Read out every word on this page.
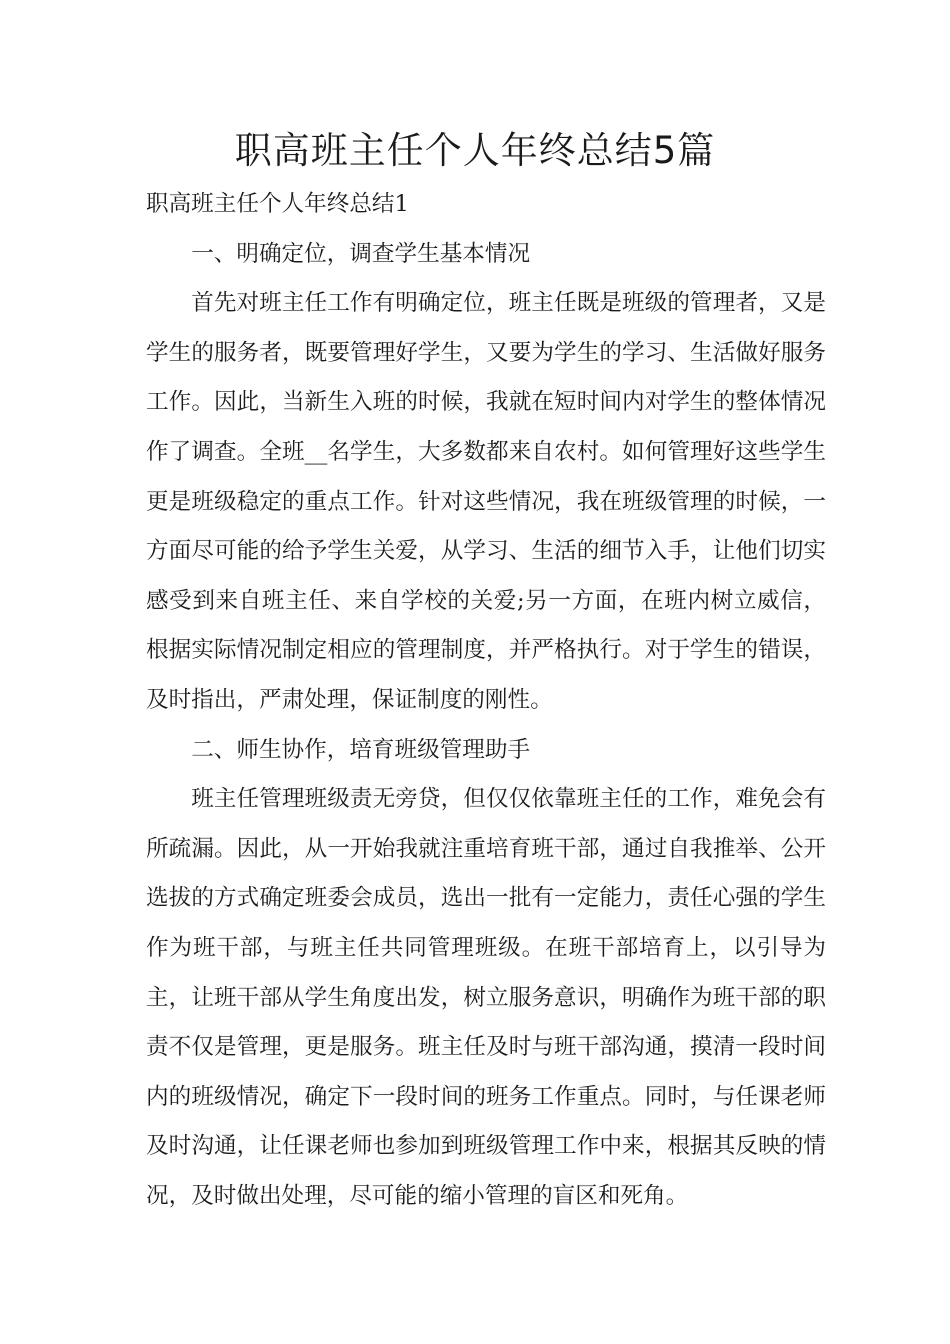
职高班主任个人年终总结5篇

职高班主任个人年终总结1

一、明确定位，调查学生基本情况

首先对班主任工作有明确定位，班主任既是班级的管理者，又是学生的服务者，既要管理好学生，又要为学生的学习、生活做好服务工作。因此，当新生入班的时候，我就在短时间内对学生的整体情况作了调查。全班__名学生，大多数都来自农村。如何管理好这些学生更是班级稳定的重点工作。针对这些情况，我在班级管理的时候，一方面尽可能的给予学生关爱，从学习、生活的细节入手，让他们切实感受到来自班主任、来自学校的关爱;另一方面，在班内树立威信，根据实际情况制定相应的管理制度，并严格执行。对于学生的错误，及时指出，严肃处理，保证制度的刚性。

二、师生协作，培育班级管理助手

班主任管理班级责无旁贷，但仅仅依靠班主任的工作，难免会有所疏漏。因此，从一开始我就注重培育班干部，通过自我推举、公开选拔的方式确定班委会成员，选出一批有一定能力，责任心强的学生作为班干部，与班主任共同管理班级。在班干部培育上，以引导为主，让班干部从学生角度出发，树立服务意识，明确作为班干部的职责不仅是管理，更是服务。班主任及时与班干部沟通，摸清一段时间内的班级情况，确定下一段时间的班务工作重点。同时，与任课老师及时沟通，让任课老师也参加到班级管理工作中来，根据其反映的情况，及时做出处理，尽可能的缩小管理的盲区和死角。
